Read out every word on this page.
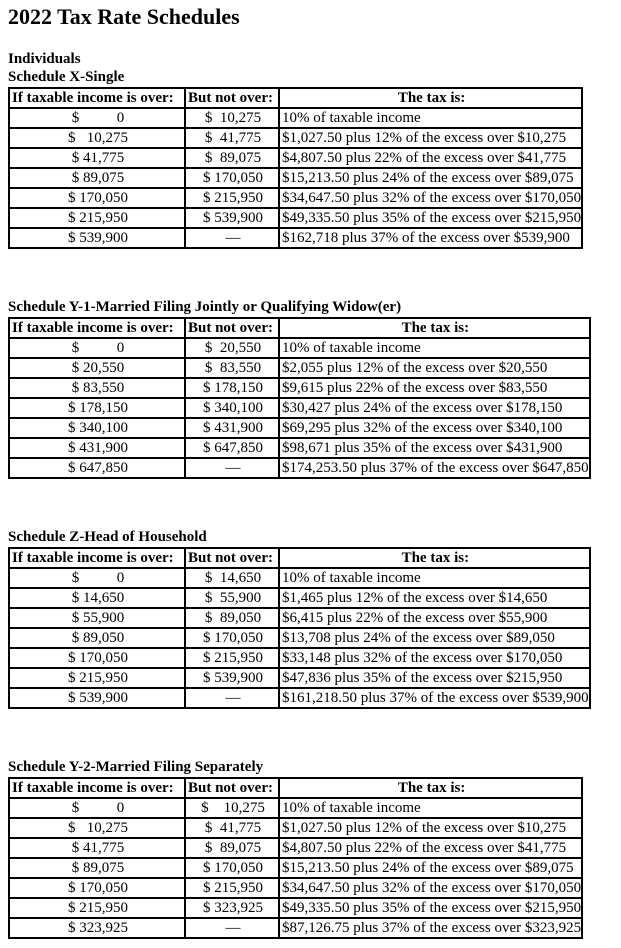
2022 Tax Rate Schedules
Individuals
Schedule X-Single
If taxable income is over:	But not over:	The tax is:
$          0	$  10,275	10% of taxable income
$   10,275	$  41,775	$1,027.50 plus 12% of the excess over $10,275
$ 41,775	$  89,075	$4,807.50 plus 22% of the excess over $41,775
$ 89,075	$ 170,050	$15,213.50 plus 24% of the excess over $89,075
$ 170,050	$ 215,950	$34,647.50 plus 32% of the excess over $170,050
$ 215,950	$ 539,900	$49,335.50 plus 35% of the excess over $215,950
$ 539,900	—	$162,718 plus 37% of the excess over $539,900
Schedule Y-1-Married Filing Jointly or Qualifying Widow(er)
If taxable income is over:	But not over:	The tax is:
$          0	$  20,550	10% of taxable income
$ 20,550	$  83,550	$2,055 plus 12% of the excess over $20,550
$ 83,550	$ 178,150	$9,615 plus 22% of the excess over $83,550
$ 178,150	$ 340,100	$30,427 plus 24% of the excess over $178,150
$ 340,100	$ 431,900	$69,295 plus 32% of the excess over $340,100
$ 431,900	$ 647,850	$98,671 plus 35% of the excess over $431,900
$ 647,850	—	$174,253.50 plus 37% of the excess over $647,850
Schedule Z-Head of Household
If taxable income is over:	But not over:	The tax is:
$          0	$  14,650	10% of taxable income
$ 14,650	$  55,900	$1,465 plus 12% of the excess over $14,650
$ 55,900	$  89,050	$6,415 plus 22% of the excess over $55,900
$ 89,050	$ 170,050	$13,708 plus 24% of the excess over $89,050
$ 170,050	$ 215,950	$33,148 plus 32% of the excess over $170,050
$ 215,950	$ 539,900	$47,836 plus 35% of the excess over $215,950
$ 539,900	—	$161,218.50 plus 37% of the excess over $539,900
Schedule Y-2-Married Filing Separately
If taxable income is over:	But not over:	The tax is:
$          0	$    10,275	10% of taxable income
$   10,275	$  41,775	$1,027.50 plus 12% of the excess over $10,275
$ 41,775	$  89,075	$4,807.50 plus 22% of the excess over $41,775
$ 89,075	$ 170,050	$15,213.50 plus 24% of the excess over $89,075
$ 170,050	$ 215,950	$34,647.50 plus 32% of the excess over $170,050
$ 215,950	$ 323,925	$49,335.50 plus 35% of the excess over $215,950
$ 323,925	—	$87,126.75 plus 37% of the excess over $323,925
